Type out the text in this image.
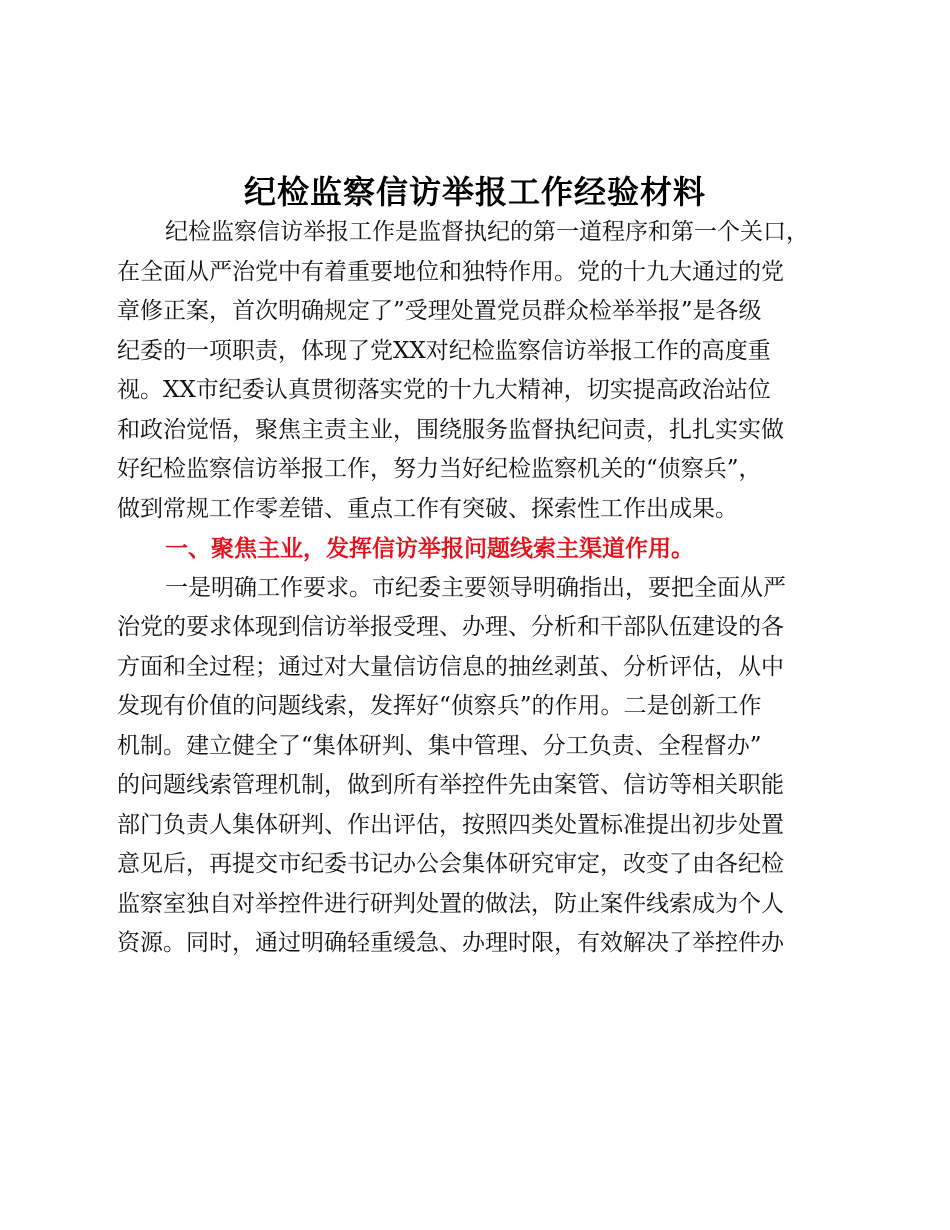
纪检监察信访举报工作经验材料
纪检监察信访举报工作是监督执纪的第一道程序和第一个关口，
在全面从严治党中有着重要地位和独特作用。党的十九大通过的党
章修正案，首次明确规定了”受理处置党员群众检举举报”是各级
纪委的一项职责，体现了党XX对纪检监察信访举报工作的高度重
视。XX市纪委认真贯彻落实党的十九大精神，切实提高政治站位
和政治觉悟，聚焦主责主业，围绕服务监督执纪问责，扎扎实实做
好纪检监察信访举报工作，努力当好纪检监察机关的“侦察兵”，
做到常规工作零差错、重点工作有突破、探索性工作出成果。
一、聚焦主业，发挥信访举报问题线索主渠道作用。
一是明确工作要求。市纪委主要领导明确指出，要把全面从严
治党的要求体现到信访举报受理、办理、分析和干部队伍建设的各
方面和全过程；通过对大量信访信息的抽丝剥茧、分析评估，从中
发现有价值的问题线索，发挥好“侦察兵”的作用。二是创新工作
机制。建立健全了“集体研判、集中管理、分工负责、全程督办”
的问题线索管理机制，做到所有举控件先由案管、信访等相关职能
部门负责人集体研判、作出评估，按照四类处置标准提出初步处置
意见后，再提交市纪委书记办公会集体研究审定，改变了由各纪检
监察室独自对举控件进行研判处置的做法，防止案件线索成为个人
资源。同时，通过明确轻重缓急、办理时限，有效解决了举控件办
